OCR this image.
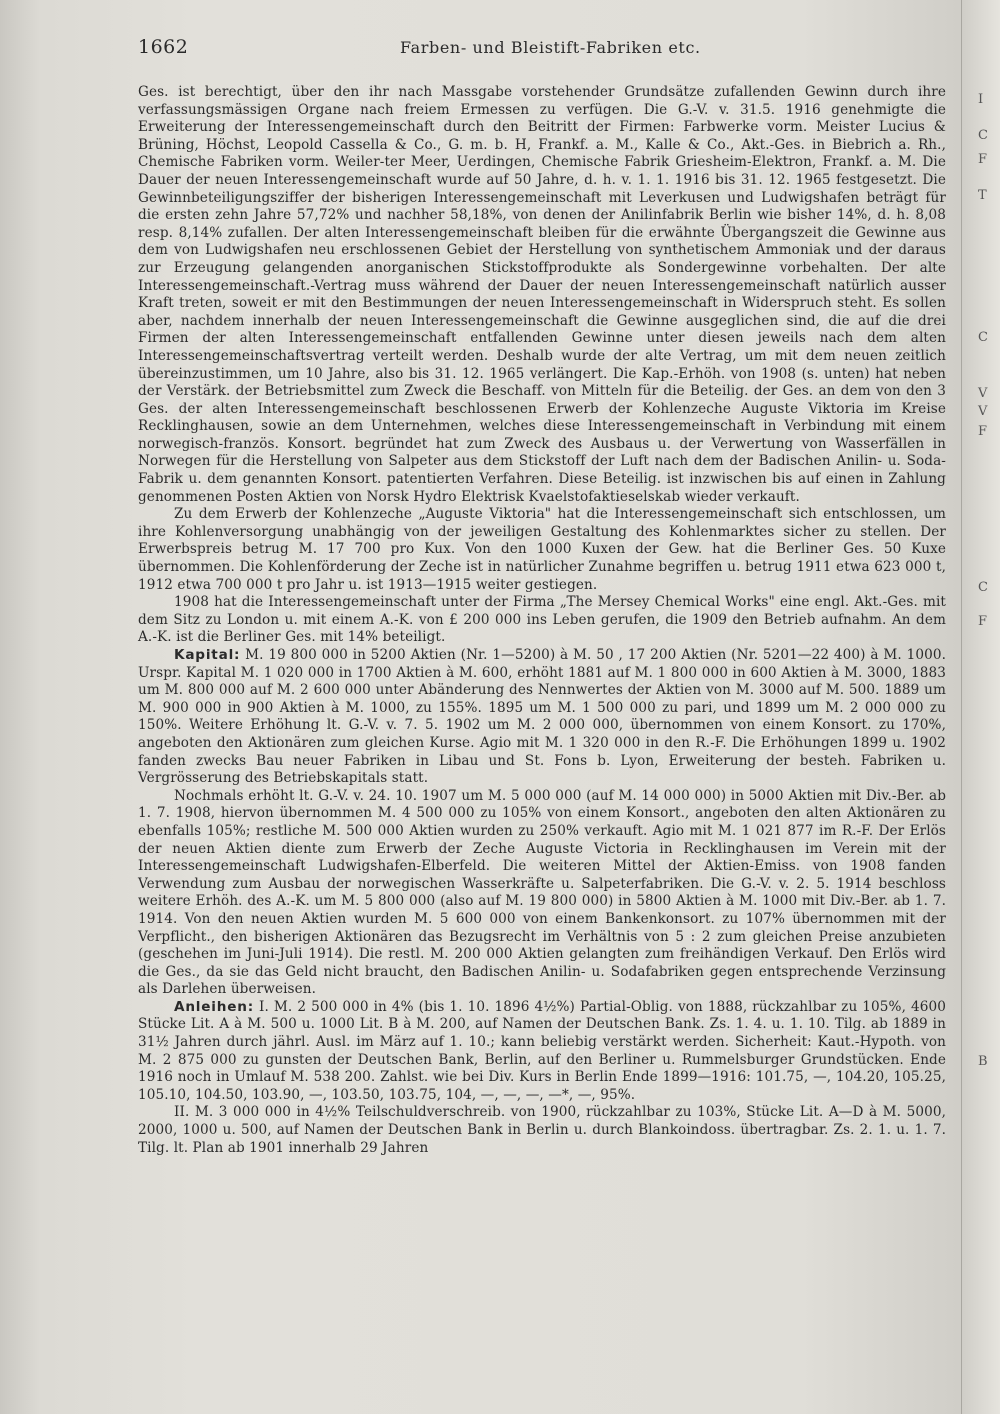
1662	Farben- und Bleistift-Fabriken etc.

Ges. ist berechtigt, über den ihr nach Massgabe vorstehender Grundsätze zufallenden Gewinn durch ihre verfassungsmässigen Organe nach freiem Ermessen zu verfügen. Die G.-V. v. 31.5. 1916 genehmigte die Erweiterung der Interessengemeinschaft durch den Beitritt der Firmen: Farbwerke vorm. Meister Lucius & Brüning, Höchst, Leopold Cassella & Co., G. m. b. H, Frankf. a. M., Kalle & Co., Akt.-Ges. in Biebrich a. Rh., Chemische Fabriken vorm. Weiler-ter Meer, Uerdingen, Chemische Fabrik Griesheim-Elektron, Frankf. a. M. Die Dauer der neuen Interessengemeinschaft wurde auf 50 Jahre, d. h. v. 1. 1. 1916 bis 31. 12. 1965 festgesetzt. Die Gewinnbeteiligungsziffer der bisherigen Interessengemeinschaft mit Leverkusen und Ludwigshafen beträgt für die ersten zehn Jahre 57,72% und nachher 58,18%, von denen der Anilinfabrik Berlin wie bisher 14%, d. h. 8,08 resp. 8,14% zufallen. Der alten Interessengemeinschaft bleiben für die erwähnte Übergangszeit die Gewinne aus dem von Ludwigshafen neu erschlossenen Gebiet der Herstellung von synthetischem Ammoniak und der daraus zur Erzeugung gelangenden anorganischen Stickstoffprodukte als Sondergewinne vorbehalten. Der alte Interessengemeinschaft.-Vertrag muss während der Dauer der neuen Interessengemeinschaft natürlich ausser Kraft treten, soweit er mit den Bestimmungen der neuen Interessengemeinschaft in Widerspruch steht. Es sollen aber, nachdem innerhalb der neuen Interessengemeinschaft die Gewinne ausgeglichen sind, die auf die drei Firmen der alten Interessengemeinschaft entfallenden Gewinne unter diesen jeweils nach dem alten Interessengemeinschaftsvertrag verteilt werden. Deshalb wurde der alte Vertrag, um mit dem neuen zeitlich übereinzustimmen, um 10 Jahre, also bis 31. 12. 1965 verlängert. Die Kap.-Erhöh. von 1908 (s. unten) hat neben der Verstärk. der Betriebsmittel zum Zweck die Beschaff. von Mitteln für die Beteilig. der Ges. an dem von den 3 Ges. der alten Interessengemeinschaft beschlossenen Erwerb der Kohlenzeche Auguste Viktoria im Kreise Recklinghausen, sowie an dem Unternehmen, welches diese Interessengemeinschaft in Verbindung mit einem norwegisch-französ. Konsort. begründet hat zum Zweck des Ausbaus u. der Verwertung von Wasserfällen in Norwegen für die Herstellung von Salpeter aus dem Stickstoff der Luft nach dem der Badischen Anilin- u. Soda-Fabrik u. dem genannten Konsort. patentierten Verfahren. Diese Beteilig. ist inzwischen bis auf einen in Zahlung genommenen Posten Aktien von Norsk Hydro Elektrisk Kvaelstofaktieselskab wieder verkauft.

Zu dem Erwerb der Kohlenzeche „Auguste Viktoria" hat die Interessengemeinschaft sich entschlossen, um ihre Kohlenversorgung unabhängig von der jeweiligen Gestaltung des Kohlenmarktes sicher zu stellen. Der Erwerbspreis betrug M. 17 700 pro Kux. Von den 1000 Kuxen der Gew. hat die Berliner Ges. 50 Kuxe übernommen. Die Kohlenförderung der Zeche ist in natürlicher Zunahme begriffen u. betrug 1911 etwa 623 000 t, 1912 etwa 700 000 t pro Jahr u. ist 1913—1915 weiter gestiegen.

1908 hat die Interessengemeinschaft unter der Firma „The Mersey Chemical Works" eine engl. Akt.-Ges. mit dem Sitz zu London u. mit einem A.-K. von £ 200 000 ins Leben gerufen, die 1909 den Betrieb aufnahm. An dem A.-K. ist die Berliner Ges. mit 14% beteiligt.

Kapital: M. 19 800 000 in 5200 Aktien (Nr. 1—5200) à M. 50 , 17 200 Aktien (Nr. 5201—22 400) à M. 1000. Urspr. Kapital M. 1 020 000 in 1700 Aktien à M. 600, erhöht 1881 auf M. 1 800 000 in 600 Aktien à M. 3000, 1883 um M. 800 000 auf M. 2 600 000 unter Abänderung des Nennwertes der Aktien von M. 3000 auf M. 500. 1889 um M. 900 000 in 900 Aktien à M. 1000, zu 155%. 1895 um M. 1 500 000 zu pari, und 1899 um M. 2 000 000 zu 150%. Weitere Erhöhung lt. G.-V. v. 7. 5. 1902 um M. 2 000 000, übernommen von einem Konsort. zu 170%, angeboten den Aktionären zum gleichen Kurse. Agio mit M. 1 320 000 in den R.-F. Die Erhöhungen 1899 u. 1902 fanden zwecks Bau neuer Fabriken in Libau und St. Fons b. Lyon, Erweiterung der besteh. Fabriken u. Vergrösserung des Betriebskapitals statt.

Nochmals erhöht lt. G.-V. v. 24. 10. 1907 um M. 5 000 000 (auf M. 14 000 000) in 5000 Aktien mit Div.-Ber. ab 1. 7. 1908, hiervon übernommen M. 4 500 000 zu 105% von einem Konsort., angeboten den alten Aktionären zu ebenfalls 105%; restliche M. 500 000 Aktien wurden zu 250% verkauft. Agio mit M. 1 021 877 im R.-F. Der Erlös der neuen Aktien diente zum Erwerb der Zeche Auguste Victoria in Recklinghausen im Verein mit der Interessengemeinschaft Ludwigshafen-Elberfeld. Die weiteren Mittel der Aktien-Emiss. von 1908 fanden Verwendung zum Ausbau der norwegischen Wasserkräfte u. Salpeterfabriken. Die G.-V. v. 2. 5. 1914 beschloss weitere Erhöh. des A.-K. um M. 5 800 000 (also auf M. 19 800 000) in 5800 Aktien à M. 1000 mit Div.-Ber. ab 1. 7. 1914. Von den neuen Aktien wurden M. 5 600 000 von einem Bankenkonsort. zu 107% übernommen mit der Verpflicht., den bisherigen Aktionären das Bezugsrecht im Verhältnis von 5 : 2 zum gleichen Preise anzubieten (geschehen im Juni-Juli 1914). Die restl. M. 200 000 Aktien gelangten zum freihändigen Verkauf. Den Erlös wird die Ges., da sie das Geld nicht braucht, den Badischen Anilin- u. Sodafabriken gegen entsprechende Verzinsung als Darlehen überweisen.

Anleihen: I. M. 2 500 000 in 4% (bis 1. 10. 1896 4½%) Partial-Oblig. von 1888, rückzahlbar zu 105%, 4600 Stücke Lit. A à M. 500 u. 1000 Lit. B à M. 200, auf Namen der Deutschen Bank. Zs. 1. 4. u. 1. 10. Tilg. ab 1889 in 31½ Jahren durch jährl. Ausl. im März auf 1. 10.; kann beliebig verstärkt werden. Sicherheit: Kaut.-Hypoth. von M. 2 875 000 zu gunsten der Deutschen Bank, Berlin, auf den Berliner u. Rummelsburger Grundstücken. Ende 1916 noch in Umlauf M. 538 200. Zahlst. wie bei Div. Kurs in Berlin Ende 1899—1916: 101.75, —, 104.20, 105.25, 105.10, 104.50, 103.90, —, 103.50, 103.75, 104, —, —, —, —*, —, 95%.

II. M. 3 000 000 in 4½% Teilschuldverschreib. von 1900, rückzahlbar zu 103%, Stücke Lit. A—D à M. 5000, 2000, 1000 u. 500, auf Namen der Deutschen Bank in Berlin u. durch Blankoindoss. übertragbar. Zs. 2. 1. u. 1. 7. Tilg. lt. Plan ab 1901 innerhalb 29 Jahren

I
C
F
T
C
V
V
F
C
F
B
